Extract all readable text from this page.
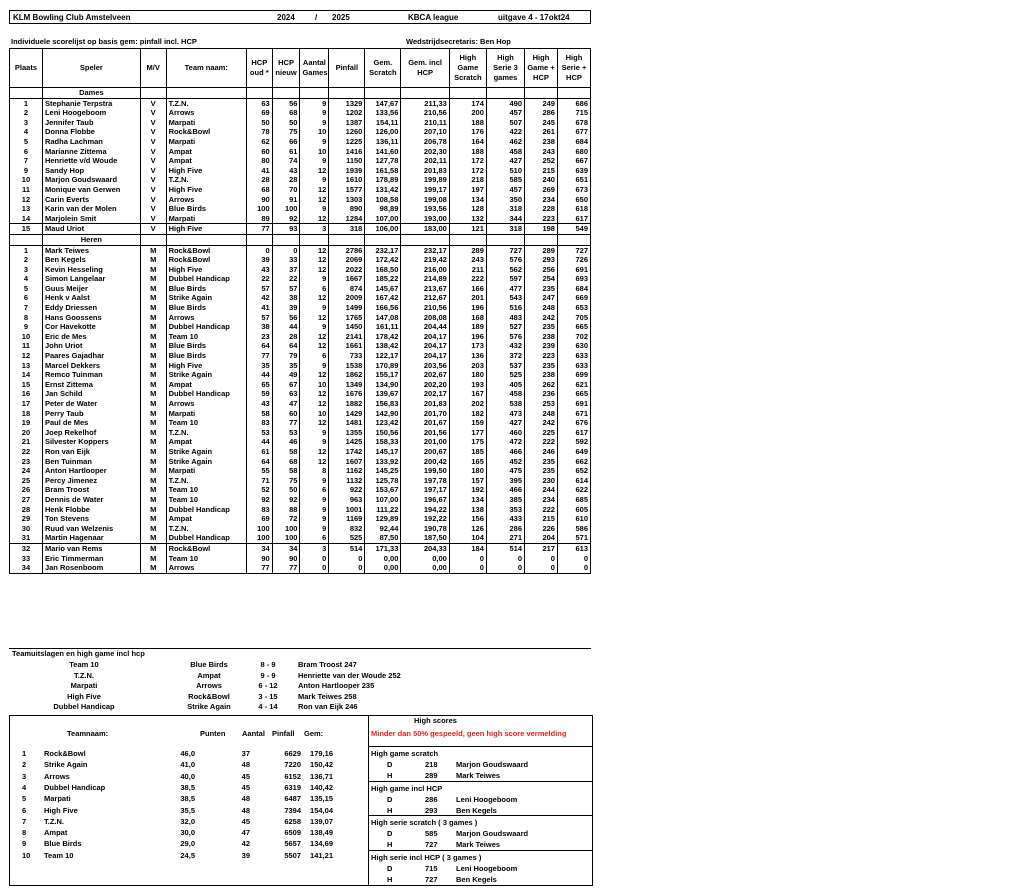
KLM Bowling Club Amstelveen	2024	/ 2025	KBCA league	uitgave 4 - 17okt24
Individuele scorelijst op basis gem: pinfall incl. HCP	Wedstrijdsecretaris: Ben Hop
Plaats	Speler	M/V	Team naam:	HCP oud *	HCP nieuw	Aantal Games	Pinfall	Gem. Scratch	Gem. incl HCP	High Game Scratch	High Serie 3 games	High Game + HCP	High Serie + HCP
	Dames												
1	Stephanie Terpstra	V	T.Z.N.	63	56	9	1329	147,67	211,33	174	490	249	686
2	Leni Hoogeboom	V	Arrows	69	68	9	1202	133,56	210,56	200	457	286	715
3	Jennifer Taub	V	Marpati	50	50	9	1387	154,11	210,11	188	507	245	678
4	Donna Flobbe	V	Rock&Bowl	78	75	10	1260	126,00	207,10	176	422	261	677
5	Radha Lachman	V	Marpati	62	66	9	1225	136,11	206,78	164	462	238	684
6	Marianne Zittema	V	Ampat	60	61	10	1416	141,60	202,30	188	458	243	680
7	Henriette v/d Woude	V	Ampat	80	74	9	1150	127,78	202,11	172	427	252	667
9	Sandy Hop	V	High Five	41	43	12	1939	161,58	201,83	172	510	215	639
10	Marjon Goudswaard	V	T.Z.N.	28	28	9	1610	178,89	199,89	218	585	240	651
11	Monique van Gerwen	V	High Five	68	70	12	1577	131,42	199,17	197	457	269	673
12	Carin Everts	V	Arrows	90	91	12	1303	108,58	199,08	134	350	234	650
13	Karin van der Molen	V	Blue Birds	100	100	9	890	98,89	193,56	128	318	228	618
14	Marjolein Smit	V	Marpati	89	92	12	1284	107,00	193,00	132	344	223	617
15	Maud Uriot	V	High Five	77	93	3	318	106,00	183,00	121	318	198	549
	Heren												
1	Mark Teiwes	M	Rock&Bowl	0	0	12	2786	232,17	232,17	289	727	289	727
2	Ben Kegels	M	Rock&Bowl	39	33	12	2069	172,42	219,42	243	576	293	726
3	Kevin Hesseling	M	High Five	43	37	12	2022	168,50	216,00	211	562	256	691
4	Simon Langelaar	M	Dubbel Handicap	22	22	9	1667	185,22	214,89	222	597	254	693
5	Guus Meijer	M	Blue Birds	57	57	6	874	145,67	213,67	166	477	235	684
6	Henk v Aalst	M	Strike Again	42	38	12	2009	167,42	212,67	201	543	247	669
7	Eddy Driessen	M	Blue Birds	41	39	9	1499	166,56	210,56	196	516	248	653
8	Hans Goossens	M	Arrows	57	56	12	1765	147,08	208,08	168	483	242	705
9	Cor Havekotte	M	Dubbel Handicap	38	44	9	1450	161,11	204,44	189	527	235	665
10	Eric de Mes	M	Team 10	23	28	12	2141	178,42	204,17	196	576	238	702
11	John Uriot	M	Blue Birds	64	64	12	1661	138,42	204,17	173	432	239	630
12	Paares Gajadhar	M	Blue Birds	77	79	6	733	122,17	204,17	136	372	223	633
13	Marcel Dekkers	M	High Five	35	35	9	1538	170,89	203,56	203	537	235	633
14	Remco Tuinman	M	Strike Again	44	49	12	1862	155,17	202,67	180	525	238	699
15	Ernst Zittema	M	Ampat	65	67	10	1349	134,90	202,20	193	405	262	621
16	Jan Schild	M	Dubbel Handicap	59	63	12	1676	139,67	202,17	167	458	236	665
17	Peter de Water	M	Arrows	43	47	12	1882	156,83	201,83	202	538	253	691
18	Perry Taub	M	Marpati	58	60	10	1429	142,90	201,70	182	473	248	671
19	Paul de Mes	M	Team 10	83	77	12	1481	123,42	201,67	159	427	242	676
20	Joep Rekelhof	M	T.Z.N.	53	53	9	1355	150,56	201,56	177	460	225	617
21	Silvester Koppers	M	Ampat	44	46	9	1425	158,33	201,00	175	472	222	592
22	Ron van Eijk	M	Strike Again	61	58	12	1742	145,17	200,67	185	466	246	649
23	Ben Tuinman	M	Strike Again	64	68	12	1607	133,92	200,42	165	452	235	662
24	Anton Hartlooper	M	Marpati	55	58	8	1162	145,25	199,50	180	475	235	652
25	Percy Jimenez	M	T.Z.N.	71	75	9	1132	125,78	197,78	157	395	230	614
26	Bram Troost	M	Team 10	52	50	6	922	153,67	197,17	192	466	244	622
27	Dennis de Water	M	Team 10	92	92	9	963	107,00	196,67	134	385	234	685
28	Henk Flobbe	M	Dubbel Handicap	83	88	9	1001	111,22	194,22	138	353	222	605
29	Ton Stevens	M	Ampat	69	72	9	1169	129,89	192,22	156	433	215	610
30	Ruud van Welzenis	M	T.Z.N.	100	100	9	832	92,44	190,78	126	286	226	586
31	Martin Hagenaar	M	Dubbel Handicap	100	100	6	525	87,50	187,50	104	271	204	571
32	Mario van Rems	M	Rock&Bowl	34	34	3	514	171,33	204,33	184	514	217	613
33	Eric Timmerman	M	Team 10	90	90	0	0	0,00	0,00	0	0	0	0
34	Jan Rosenboom	M	Arrows	77	77	0	0	0,00	0,00	0	0	0	0
Teamuitslagen en high game incl hcp
Team 10	Blue Birds	8 - 9	Bram Troost 247
T.Z.N.	Ampat	9 - 9	Henriette van der Woude 252
Marpati	Arrows	6 - 12	Anton Hartlooper 235
High Five	Rock&Bowl	3 - 15	Mark Teiwes 258
Dubbel Handicap	Strike Again	4 - 14	Ron van Eijk 246
Teamnaam:	Punten Aantal Pinfall Gem:
1 Rock&Bowl	46,0	37	6629 179,16
2 Strike Again	41,0	48	7220 150,42
3 Arrows	40,0	45	6152 136,71
4 Dubbel Handicap	38,5	45	6319 140,42
5 Marpati	38,5	48	6487 135,15
6 High Five	35,5	48	7394 154,04
7 T.Z.N.	32,0	45	6258 139,07
8 Ampat	30,0	47	6509 138,49
9 Blue Birds	29,0	42	5657 134,69
10 Team 10	24,5	39	5507 141,21
High scores
Minder dan 50% gespeeld, geen high score vermelding
High game scratch
D	218 Marjon Goudswaard
H	289 Mark Teiwes
High game incl HCP
D	286 Leni Hoogeboom
H	293 Ben Kegels
High serie scratch ( 3 games )
D	585 Marjon Goudswaard
H	727 Mark Teiwes
High serie incl HCP ( 3 games )
D	715 Leni Hoogeboom
H	727 Ben Kegels
